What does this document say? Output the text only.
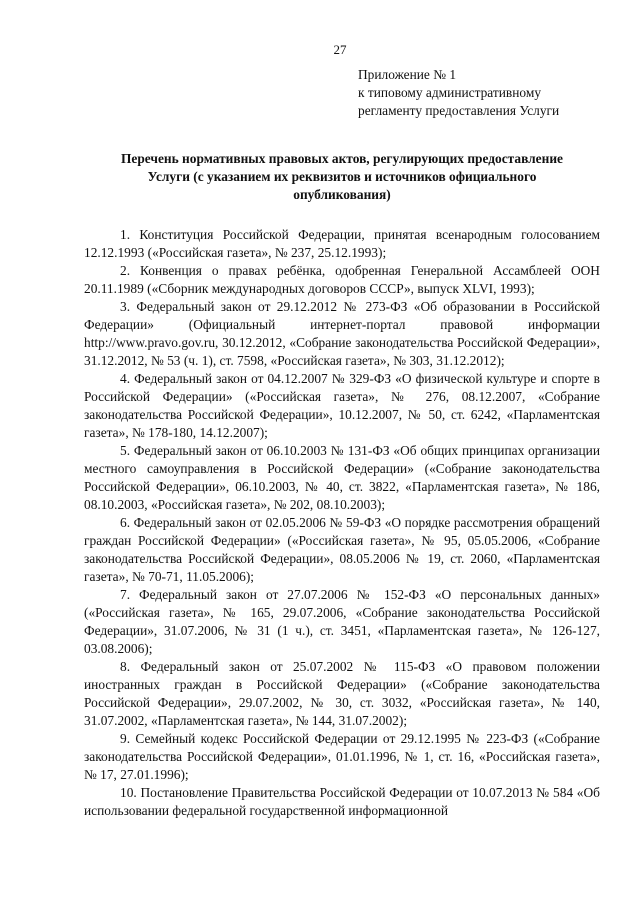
27
Приложение № 1
к типовому административному
регламенту предоставления Услуги
Перечень нормативных правовых актов, регулирующих предоставление
Услуги (с указанием их реквизитов и источников официального
опубликования)

1. Конституция Российской Федерации, принятая всенародным голосованием 12.12.1993 («Российская газета», № 237, 25.12.1993);

2. Конвенция о правах ребёнка, одобренная Генеральной Ассамблеей ООН 20.11.1989 («Сборник международных договоров СССР», выпуск XLVI, 1993);

3. Федеральный закон от 29.12.2012 № 273-ФЗ «Об образовании в Российской Федерации» (Официальный интернет-портал правовой информации http://www.pravo.gov.ru, 30.12.2012, «Собрание законодательства Российской Федерации», 31.12.2012, № 53 (ч. 1), ст. 7598, «Российская газета», № 303, 31.12.2012);

4. Федеральный закон от 04.12.2007 № 329-ФЗ «О физической культуре и спорте в Российской Федерации» («Российская газета», № 276, 08.12.2007, «Собрание законодательства Российской Федерации», 10.12.2007, № 50, ст. 6242, «Парламентская газета», № 178-180, 14.12.2007);

5. Федеральный закон от 06.10.2003 № 131-ФЗ «Об общих принципах организации местного самоуправления в Российской Федерации» («Собрание законодательства Российской Федерации», 06.10.2003, № 40, ст. 3822, «Парламентская газета», № 186, 08.10.2003, «Российская газета», № 202, 08.10.2003);

6. Федеральный закон от 02.05.2006 № 59-ФЗ «О порядке рассмотрения обращений граждан Российской Федерации» («Российская газета», № 95, 05.05.2006, «Собрание законодательства Российской Федерации», 08.05.2006 № 19, ст. 2060, «Парламентская газета», № 70-71, 11.05.2006);

7. Федеральный закон от 27.07.2006 № 152-ФЗ «О персональных данных» («Российская газета», № 165, 29.07.2006, «Собрание законодательства Российской Федерации», 31.07.2006, № 31 (1 ч.), ст. 3451, «Парламентская газета», № 126-127, 03.08.2006);

8. Федеральный закон от 25.07.2002 № 115-ФЗ «О правовом положении иностранных граждан в Российской Федерации» («Собрание законодательства Российской Федерации», 29.07.2002, № 30, ст. 3032, «Российская газета», № 140, 31.07.2002, «Парламентская газета», № 144, 31.07.2002);

9. Семейный кодекс Российской Федерации от 29.12.1995 № 223-ФЗ («Собрание законодательства Российской Федерации», 01.01.1996, № 1, ст. 16, «Российская газета», № 17, 27.01.1996);

10. Постановление Правительства Российской Федерации от 10.07.2013 № 584 «Об использовании федеральной государственной информационной
